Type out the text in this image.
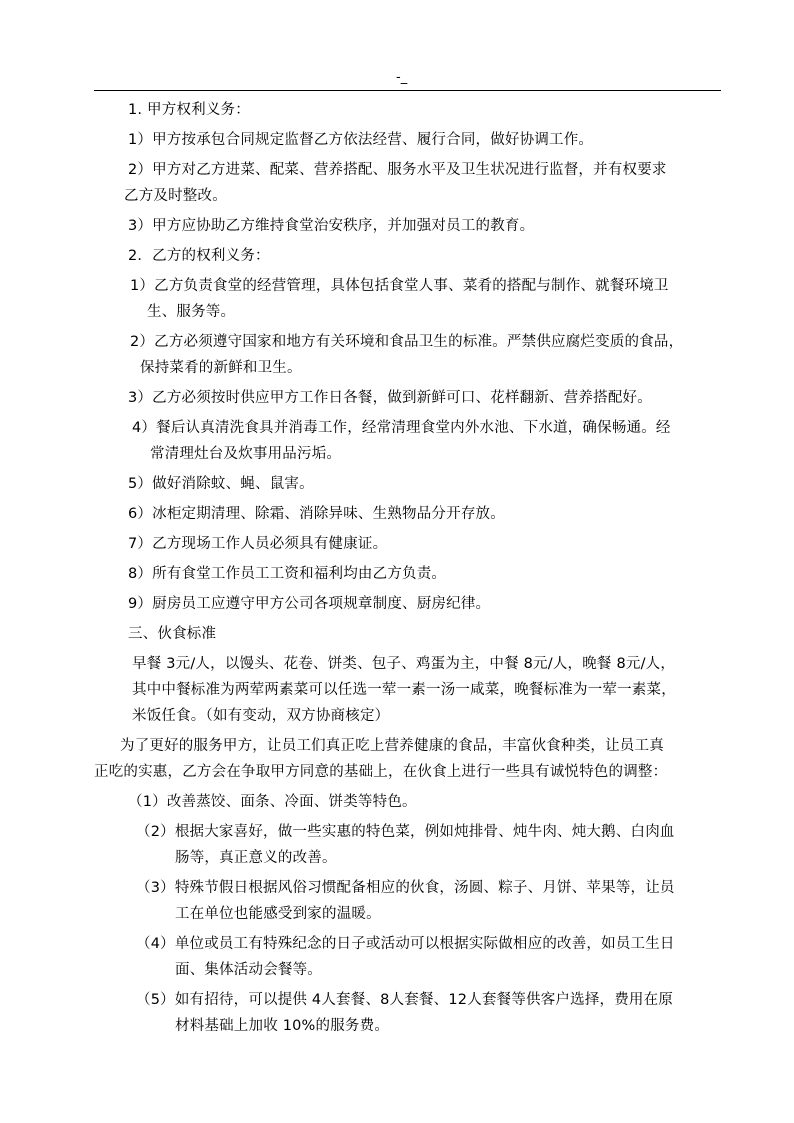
-_
1. 甲方权利义务：
1）甲方按承包合同规定监督乙方依法经营、履行合同，做好协调工作。
2）甲方对乙方进菜、配菜、营养搭配、服务水平及卫生状况进行监督，并有权要求
乙方及时整改。
3）甲方应协助乙方维持食堂治安秩序，并加强对员工的教育。
2．乙方的权利义务：
1）乙方负责食堂的经营管理，具体包括食堂人事、菜肴的搭配与制作、就餐环境卫
生、服务等。
2）乙方必须遵守国家和地方有关环境和食品卫生的标准。严禁供应腐烂变质的食品，
保持菜肴的新鲜和卫生。
3）乙方必须按时供应甲方工作日各餐，做到新鲜可口、花样翻新、营养搭配好。
4）餐后认真清洗食具并消毒工作，经常清理食堂内外水池、下水道，确保畅通。经
常清理灶台及炊事用品污垢。
5）做好消除蚊、蝇、鼠害。
6）冰柜定期清理、除霜、消除异味、生熟物品分开存放。
7）乙方现场工作人员必须具有健康证。
8）所有食堂工作员工工资和福利均由乙方负责。
9）厨房员工应遵守甲方公司各项规章制度、厨房纪律。
三、伙食标准
早餐 3元/人，以馒头、花卷、饼类、包子、鸡蛋为主，中餐 8元/人，晚餐 8元/人，
其中中餐标准为两荤两素菜可以任选一荤一素一汤一咸菜，晚餐标准为一荤一素菜，
米饭任食。（如有变动，双方协商核定）
为了更好的服务甲方，让员工们真正吃上营养健康的食品，丰富伙食种类，让员工真
正吃的实惠，乙方会在争取甲方同意的基础上，在伙食上进行一些具有诚悦特色的调整：
（1）改善蒸饺、面条、冷面、饼类等特色。
（2）根据大家喜好，做一些实惠的特色菜，例如炖排骨、炖牛肉、炖大鹅、白肉血
肠等，真正意义的改善。
（3）特殊节假日根据风俗习惯配备相应的伙食，汤圆、粽子、月饼、苹果等，让员
工在单位也能感受到家的温暖。
（4）单位或员工有特殊纪念的日子或活动可以根据实际做相应的改善，如员工生日
面、集体活动会餐等。
（5）如有招待，可以提供 4人套餐、8人套餐、12人套餐等供客户选择，费用在原
材料基础上加收 10%的服务费。
